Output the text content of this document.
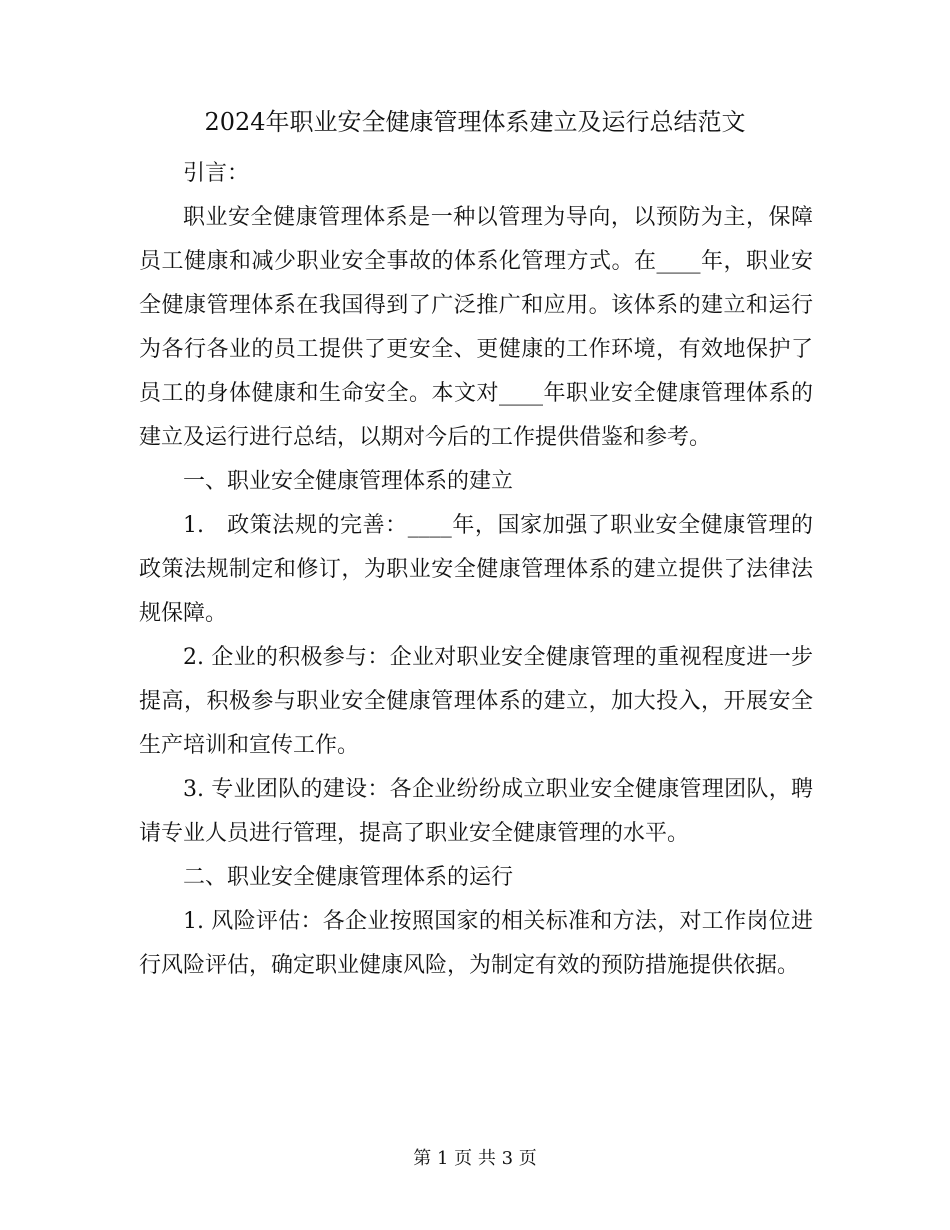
2024年职业安全健康管理体系建立及运行总结范文

引言：

职业安全健康管理体系是一种以管理为导向，以预防为主，保障员工健康和减少职业安全事故的体系化管理方式。在____年，职业安全健康管理体系在我国得到了广泛推广和应用。该体系的建立和运行为各行各业的员工提供了更安全、更健康的工作环境，有效地保护了员工的身体健康和生命安全。本文对____年职业安全健康管理体系的建立及运行进行总结，以期对今后的工作提供借鉴和参考。

一、职业安全健康管理体系的建立

1.　政策法规的完善：____年，国家加强了职业安全健康管理的政策法规制定和修订，为职业安全健康管理体系的建立提供了法律法规保障。

2. 企业的积极参与：企业对职业安全健康管理的重视程度进一步提高，积极参与职业安全健康管理体系的建立，加大投入，开展安全生产培训和宣传工作。

3. 专业团队的建设：各企业纷纷成立职业安全健康管理团队，聘请专业人员进行管理，提高了职业安全健康管理的水平。

二、职业安全健康管理体系的运行

1. 风险评估：各企业按照国家的相关标准和方法，对工作岗位进行风险评估，确定职业健康风险，为制定有效的预防措施提供依据。

第 1 页 共 3 页
